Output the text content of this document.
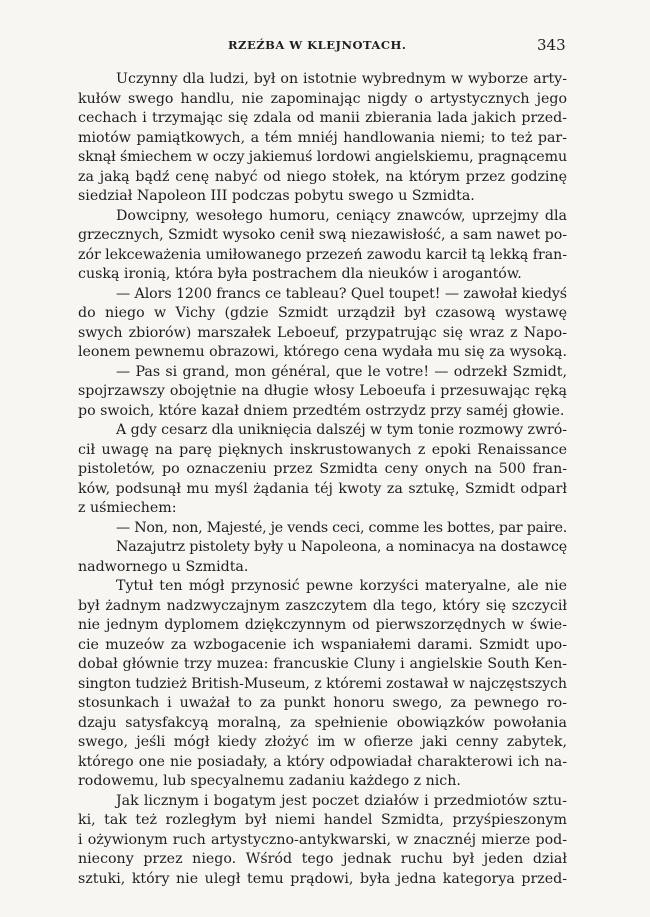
RZEŹBA W KLEJNOTACH.	343
Uczynny dla ludzi, był on istotnie wybrednym w wyborze arty-
kułów swego handlu, nie zapominając nigdy o artystycznych jego
cechach i trzymając się zdala od manii zbierania lada jakich przed-
miotów pamiątkowych, a tém mniéj handlowania niemi; to też par-
sknął śmiechem w oczy jakiemuś lordowi angielskiemu, pragnącemu
za jaką bądź cenę nabyć od niego stołek, na którym przez godzinę
siedział Napoleon III podczas pobytu swego u Szmidta.
Dowcipny, wesołego humoru, ceniący znawców, uprzejmy dla
grzecznych, Szmidt wysoko cenił swą niezawisłość, a sam nawet po-
zór lekceważenia umiłowanego przezeń zawodu karcił tą lekką fran-
cuską ironią, która była postrachem dla nieuków i arogantów.
— Alors 1200 francs ce tableau? Quel toupet! — zawołał kiedyś
do niego w Vichy (gdzie Szmidt urządził był czasową wystawę
swych zbiorów) marszałek Leboeuf, przypatrując się wraz z Napo-
leonem pewnemu obrazowi, którego cena wydała mu się za wysoką.
— Pas si grand, mon général, que le votre! — odrzekł Szmidt,
spojrzawszy obojętnie na długie włosy Leboeufa i przesuwając ręką
po swoich, które kazał dniem przedtém ostrzydz przy saméj głowie.
A gdy cesarz dla uniknięcia dalszéj w tym tonie rozmowy zwró-
cił uwagę na parę pięknych inskrustowanych z epoki Renaissance
pistoletów, po oznaczeniu przez Szmidta ceny onych na 500 fran-
ków, podsunął mu myśl żądania téj kwoty za sztukę, Szmidt odparł
z uśmiechem:
— Non, non, Majesté, je vends ceci, comme les bottes, par paire.
Nazajutrz pistolety były u Napoleona, a nominacya na dostawcę
nadwornego u Szmidta.
Tytuł ten mógł przynosić pewne korzyści materyalne, ale nie
był żadnym nadzwyczajnym zaszczytem dla tego, który się szczycił
nie jednym dyplomem dziękczynnym od pierwszorzędnych w świe-
cie muzeów za wzbogacenie ich wspaniałemi darami. Szmidt upo-
dobał głównie trzy muzea: francuskie Cluny i angielskie South Ken-
sington tudzież British-Museum, z któremi zostawał w najczęstszych
stosunkach i uważał to za punkt honoru swego, za pewnego ro-
dzaju satysfakcyą moralną, za spełnienie obowiązków powołania
swego, jeśli mógł kiedy złożyć im w ofierze jaki cenny zabytek,
którego one nie posiadały, a który odpowiadał charakterowi ich na-
rodowemu, lub specyalnemu zadaniu każdego z nich.
Jak licznym i bogatym jest poczet działów i przedmiotów sztu-
ki, tak też rozległym był niemi handel Szmidta, przyśpieszonym
i ożywionym ruch artystyczno-antykwarski, w znacznéj mierze pod-
niecony przez niego. Wśród tego jednak ruchu był jeden dział
sztuki, który nie uległ temu prądowi, była jedna kategorya przed-
